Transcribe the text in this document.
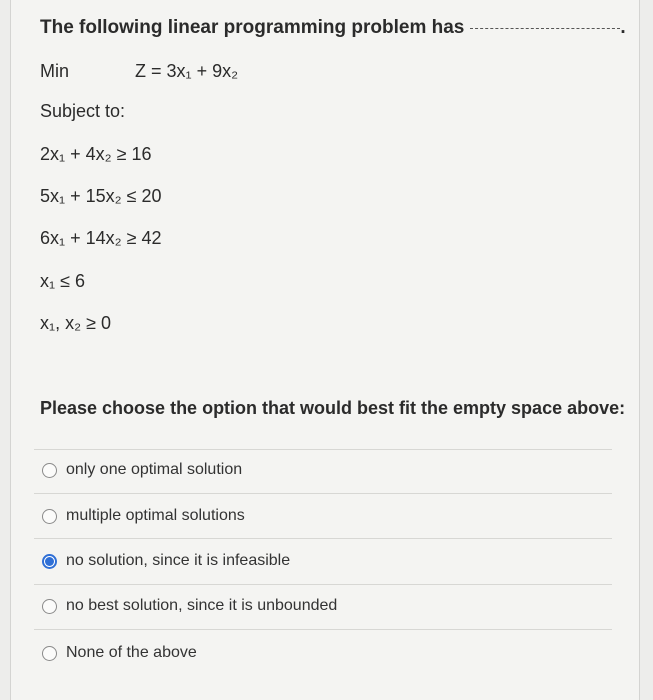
The following linear programming problem has	.
Min	Z = 3x₁ + 9x₂
Subject to:
2x₁ + 4x₂ ≥ 16
5x₁ + 15x₂ ≤ 20
6x₁ + 14x₂ ≥ 42
x₁ ≤ 6
x₁, x₂ ≥ 0
Please choose the option that would best fit the empty space above:
only one optimal solution
multiple optimal solutions
no solution, since it is infeasible
no best solution, since it is unbounded
None of the above
